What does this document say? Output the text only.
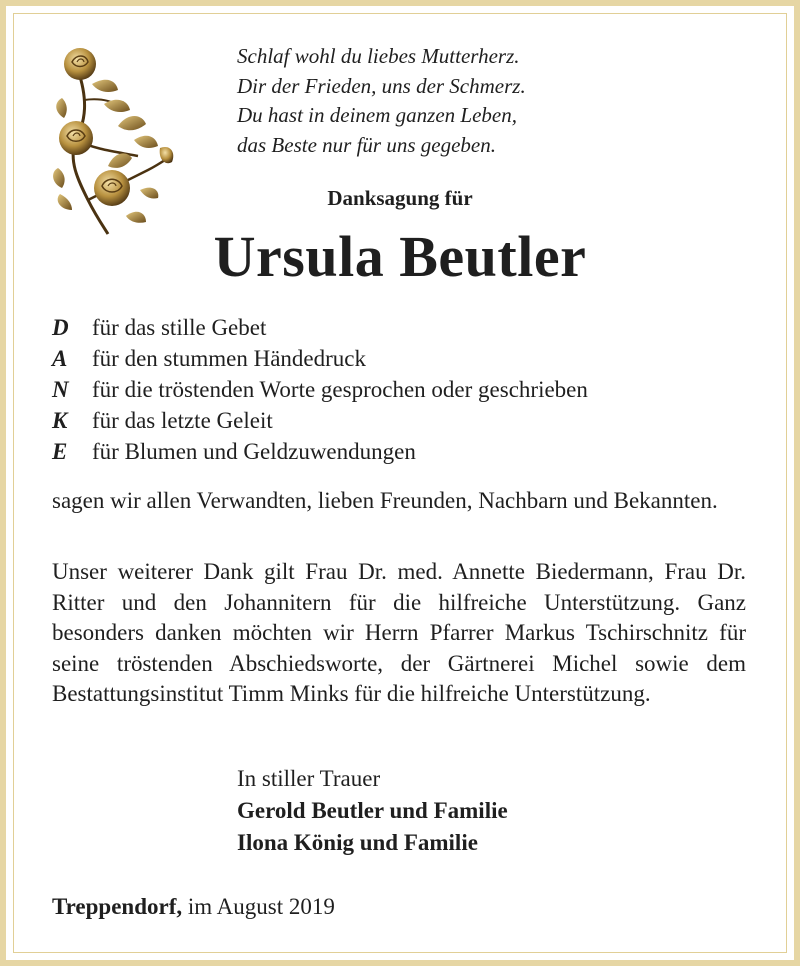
Schlaf wohl du liebes Mutterherz.
Dir der Frieden, uns der Schmerz.
Du hast in deinem ganzen Leben,
das Beste nur für uns gegeben.
Danksagung für
Ursula Beutler
D	für das stille Gebet
A	für den stummen Händedruck
N	für die tröstenden Worte gesprochen oder geschrieben
K	für das letzte Geleit
E	für Blumen und Geldzuwendungen

sagen wir allen Verwandten, lieben Freunden, Nachbarn und Bekannten.

Unser weiterer Dank gilt Frau Dr. med. Annette Biedermann, Frau Dr. Ritter und den Johannitern für die hilfreiche Unterstützung. Ganz besonders danken möchten wir Herrn Pfarrer Markus Tschirschnitz für seine tröstenden Abschiedsworte, der Gärtnerei Michel sowie dem Bestattungsinstitut Timm Minks für die hilfreiche Unterstützung.

In stiller Trauer
Gerold Beutler und Familie
Ilona König und Familie
Treppendorf, im August 2019
